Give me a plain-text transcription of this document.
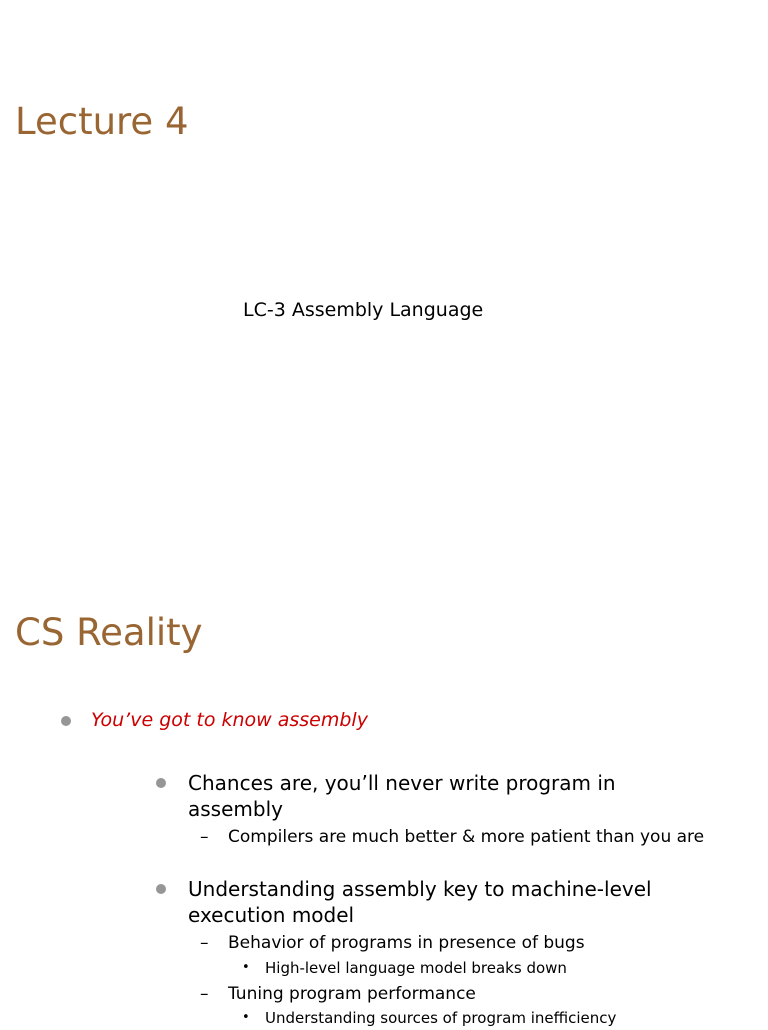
Lecture 4
LC-3 Assembly Language
CS Reality
You’ve got to know assembly
Chances are, you’ll never write program in assembly
– Compilers are much better & more patient than you are
Understanding assembly key to machine-level execution model
– Behavior of programs in presence of bugs
• High-level language model breaks down
– Tuning program performance
• Understanding sources of program inefficiency
